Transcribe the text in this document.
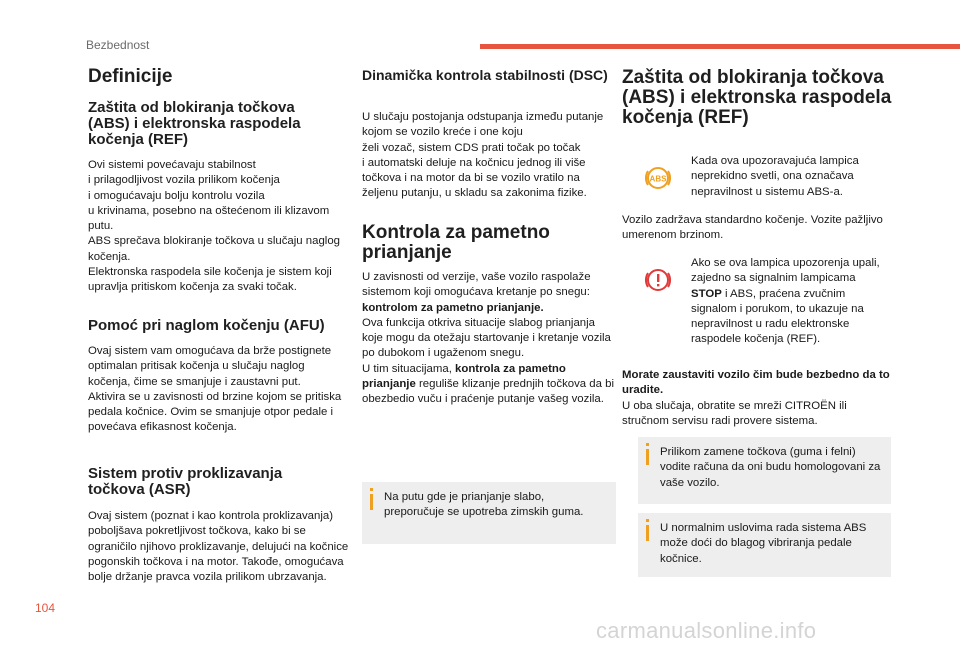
Bezbednost
104
carmanualsonline.info
Definicije
Zaštita od blokiranja točkova (ABS) i elektronska raspodela kočenja (REF)

Ovi sistemi povećavaju stabilnost
i prilagodljivost vozila prilikom kočenja
i omogućavaju bolju kontrolu vozila
u krivinama, posebno na oštećenom ili klizavom putu.
ABS sprečava blokiranje točkova u slučaju naglog kočenja.
Elektronska raspodela sile kočenja je sistem koji upravlja pritiskom kočenja za svaki točak.

Pomoć pri naglom kočenju (AFU)

Ovaj sistem vam omogućava da brže postignete optimalan pritisak kočenja u slučaju naglog kočenja, čime se smanjuje i zaustavni put.
Aktivira se u zavisnosti od brzine kojom se pritiska pedala kočnice. Ovim se smanjuje otpor pedale i povećava efikasnost kočenja.

Sistem protiv proklizavanja točkova (ASR)

Ovaj sistem (poznat i kao kontrola proklizavanja) poboljšava pokretljivost točkova, kako bi se ograničilo njihovo proklizavanje, delujući na kočnice pogonskih točkova i na motor. Takođe, omogućava bolje držanje pravca vozila prilikom ubrzavanja.

Dinamička kontrola stabilnosti (DSC)

U slučaju postojanja odstupanja između putanje kojom se vozilo kreće i one koju
želi vozač, sistem CDS prati točak po točak
i automatski deluje na kočnicu jednog ili više točkova i na motor da bi se vozilo vratilo na željenu putanju, u skladu sa zakonima fizike.

Kontrola za pametno prianjanje

U zavisnosti od verzije, vaše vozilo raspolaže sistemom koji omogućava kretanje po snegu:
kontrolom za pametno prianjanje.
Ova funkcija otkriva situacije slabog prianjanja koje mogu da otežaju startovanje i kretanje vozila po dubokom i ugaženom snegu.
U tim situacijama, kontrola za pametno prianjanje reguliše klizanje prednjih točkova da bi obezbedio vuču i praćenje putanje vašeg vozila.

Na putu gde je prianjanje slabo, preporučuje se upotreba zimskih guma.

Zaštita od blokiranja točkova (ABS) i elektronska raspodela kočenja (REF)
ABS

Kada ova upozoravajuća lampica neprekidno svetli, ona označava nepravilnost u sistemu ABS-a.

Vozilo zadržava standardno kočenje. Vozite pažljivo umerenom brzinom.

Ako se ova lampica upozorenja upali, zajedno sa signalnim lampicama STOP i ABS, praćena zvučnim signalom i porukom, to ukazuje na nepravilnost u radu elektronske raspodele kočenja (REF).

Morate zaustaviti vozilo čim bude bezbedno da to uradite.
U oba slučaja, obratite se mreži CITROËN ili stručnom servisu radi provere sistema.

Prilikom zamene točkova (guma i felni) vodite računa da oni budu homologovani za vaše vozilo.

U normalnim uslovima rada sistema ABS može doći do blagog vibriranja pedale kočnice.
